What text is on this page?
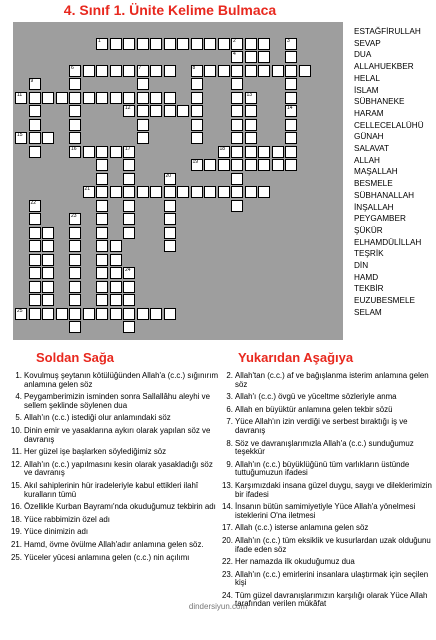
4. Sınıf 1. Ünite Kelime Bulmaca
1	2
6	7	8
11
12
15
16	17	18
19
21
25
4
3
14
9
13
20
22
23
24
ESTAĞFİRULLAH
SEVAP
DUA
ALLAHUEKBER
HELAL
İSLAM
SÜBHANEKE
HARAM
CELLECELALÜHÜ
GÜNAH
SALAVAT
ALLAH
MAŞALLAH
BESMELE
SÜBHANALLAH
İNŞALLAH
PEYGAMBER
ŞÜKÜR
ELHAMDÜLİLLAH
TEŞRİK
DİN
HAMD
TEKBİR
EUZUBESMELE
SELAM
Soldan Sağa	Yukarıdan Aşağıya
1. Kovulmuş şeytanın kötülüğünden Allah'a (c.c.) sığınırım anlamına gelen söz
4. Peygamberimizin isminden sonra Sallallâhu aleyhi ve sellem şeklinde söylenen dua
5. Allah'ın (c.c.) istediği olur anlamındaki söz
10. Dinin emir ve yasaklarına aykırı olarak yapılan söz ve davranış
11. Her güzel işe başlarken söylediğimiz söz
12. Allah'ın (c.c.) yapılmasını kesin olarak yasakladığı söz ve davranış
15. Akıl sahiplerinin hür iradeleriyle kabul ettikleri ilahî kuralların tümü
16. Özellikle Kurban Bayramı'nda okuduğumuz tekbirin adı
18. Yüce rabbimizin özel adı
19. Yüce dinimizin adı
21. Hamd, övme övülme Allah'adır anlamına gelen söz.
25. Yüceler yücesi anlamına gelen (c.c.) nin açılımı
2. Allah'tan (c.c.) af ve bağışlanma isterim anlamına gelen söz
3. Allah'ı (c.c.) övgü ve yüceltme sözleriyle anma
6. Allah en büyüktür anlamına gelen tekbir sözü
7. Yüce Allah'ın izin verdiği ve serbest bıraktığı iş ve davranış
8. Söz ve davranışlarımızla Allah'a (c.c.) sunduğumuz teşekkür
9. Allah'ın (c.c.) büyüklüğünü tüm varlıkların üstünde tuttuğumuzun ifadesi
13. Karşımızdaki insana güzel duygu, saygı ve dileklerimizin bir ifadesi
14. İnsanın bütün samimiyetiyle Yüce Allah'a yönelmesi isteklerini O'na iletmesi
17. Allah (c.c.) isterse anlamına gelen söz
20. Allah'ın (c.c.) tüm eksiklik ve kusurlardan uzak olduğunu ifade eden söz
22. Her namazda ilk okuduğumuz dua
23. Allah'ın (c.c.) emirlerini insanlara ulaştırmak için seçilen kişi
24. Tüm güzel davranışlarımızın karşılığı olarak Yüce Allah tarafından verilen mükâfat
dindersiyun.com
